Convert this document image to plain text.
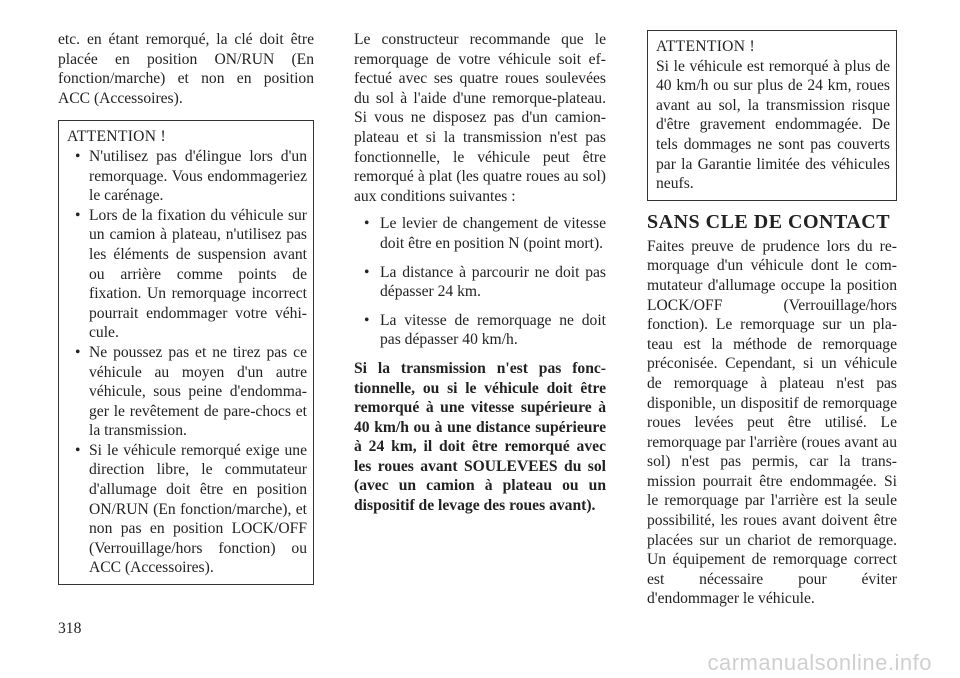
etc. en étant remorqué, la clé doit être placée en position ON/RUN (En fonction/marche) et non en position ACC (Accessoires).

ATTENTION !
• N'utilisez pas d'élingue lors d'un remorquage. Vous endommageriez le carénage.
• Lors de la fixation du véhicule sur un camion à plateau, n'utilisez pas les éléments de suspension avant ou arrière comme points de fixation. Un remorquage incorrect pourrait endommager votre véhicule.
• Ne poussez pas et ne tirez pas ce véhicule au moyen d'un autre véhicule, sous peine d'endommager le revêtement de pare-chocs et la transmission.
• Si le véhicule remorqué exige une direction libre, le commutateur d'allumage doit être en position ON/RUN (En fonction/marche), et non pas en position LOCK/OFF (Verrouillage/hors fonction) ou ACC (Accessoires).

Le constructeur recommande que le remorquage de votre véhicule soit effectué avec ses quatre roues soulevées du sol à l'aide d'une remorque-plateau. Si vous ne disposez pas d'un camion-plateau et si la transmission n'est pas fonctionnelle, le véhicule peut être remorqué à plat (les quatre roues au sol) aux conditions suivantes :

• Le levier de changement de vitesse doit être en position N (point mort).
• La distance à parcourir ne doit pas dépasser 24 km.
• La vitesse de remorquage ne doit pas dépasser 40 km/h.

Si la transmission n'est pas fonctionnelle, ou si le véhicule doit être remorqué à une vitesse supérieure à 40 km/h ou à une distance supérieure à 24 km, il doit être remorqué avec les roues avant SOULEVEES du sol (avec un camion à plateau ou un dispositif de levage des roues avant).

ATTENTION !

Si le véhicule est remorqué à plus de 40 km/h ou sur plus de 24 km, roues avant au sol, la transmission risque d'être gravement endommagée. De tels dommages ne sont pas couverts par la Garantie limitée des véhicules neufs.

SANS CLE DE CONTACT

Faites preuve de prudence lors du remorquage d'un véhicule dont le commutateur d'allumage occupe la position LOCK/OFF (Verrouillage/hors fonction). Le remorquage sur un plateau est la méthode de remorquage préconisée. Cependant, si un véhicule de remorquage à plateau n'est pas disponible, un dispositif de remorquage roues levées peut être utilisé. Le remorquage par l'arrière (roues avant au sol) n'est pas permis, car la transmission pourrait être endommagée. Si le remorquage par l'arrière est la seule possibilité, les roues avant doivent être placées sur un chariot de remorquage. Un équipement de remorquage correct est nécessaire pour éviter d'endommager le véhicule.

318
carmanualsonline.info
